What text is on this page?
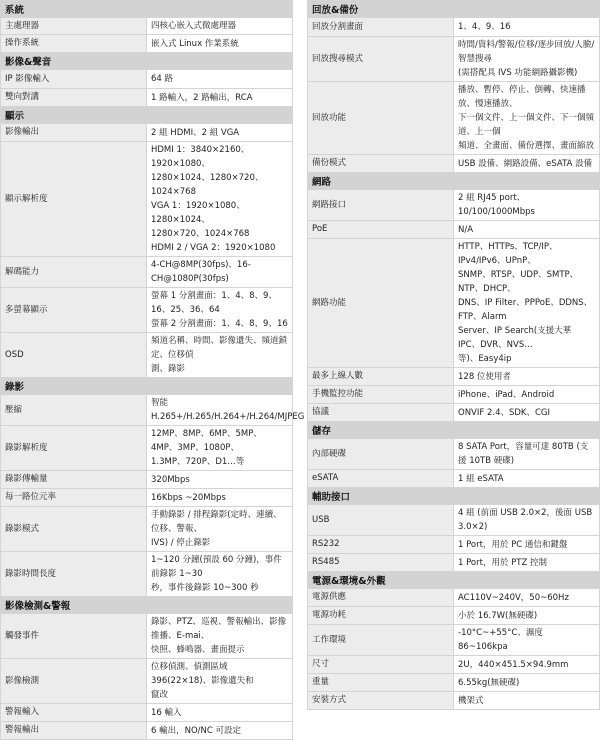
系統	
主處理器	四核心嵌入式微處理器

操作系統	嵌入式 Linux 作業系統

影像&聲音	
IP 影像輸入	64 路

雙向對講	1 路輸入，2 路輸出，RCA

顯示	
影像輸出	2 組 HDMI、2 組 VGA

顯示解析度	HDMI 1：3840×2160、1920×1080、
1280×1024、1280×720、1024×768
VGA 1：1920×1080、1280×1024、
1280×720、1024×768
HDMI 2 / VGA 2：1920×1080

解碼能力	4-CH@8MP(30fps)、16-CH@1080P(30fps)

多螢幕顯示	螢幕 1 分割畫面：1、4、8、9、16、25、36、64
螢幕 2 分割畫面：1、4、8、9、16

OSD	頻道名稱、時間、影像遺失、頻道鎖定、位移偵
測、錄影

錄影	
壓縮	智能 H.265+/H.265/H.264+/H.264/MJPEG

錄影解析度	12MP、8MP、6MP、5MP、4MP、3MP、1080P、
1.3MP、720P、D1…等

錄影傳輸量	320Mbps

每一路位元率	16Kbps ~20Mbps

錄影模式	手動錄影 / 排程錄影(定時、連續、位移、警報、
IVS) / 停止錄影

錄影時間長度	1~120 分鐘(預設 60 分鐘)，事件前錄影 1~30
秒，事件後錄影 10~300 秒

影像檢測&警報	
觸發事件	錄影、PTZ、巡視、警報輸出、影像推播、E-mai、
快照、蜂鳴器、畫面提示

影像檢測	位移偵測、偵測區域 396(22×18)、影像遺失和
竄改

警報輸入	16 輸入

警報輸出	6 輸出，NO/NC 可設定
回放&備份	
回放分割畫面	1、4、9、16

回放搜尋模式	時間/資料/警報/位移/逐步回放/人臉/智慧搜尋
(需搭配具 IVS 功能網路攝影機)

回放功能	播放、暫停、停止、倒轉、快速播放、慢速播放、
下一個文件、上一個文件、下一個頻道、上一個
頻道、全畫面、備份選擇、畫面縮放

備份模式	USB 設備、網路設備、eSATA 設備

網路	
網路接口	2 組 RJ45 port、10/100/1000Mbps

PoE	N/A

網路功能	HTTP、HTTPs、TCP/IP、IPv4/IPv6、UPnP、
SNMP、RTSP、UDP、SMTP、NTP、DHCP、
DNS、IP Filter、PPPoE、DDNS、FTP、Alarm
Server、IP Search(支援大華 IPC、DVR、NVS…
等)、Easy4ip

最多上線人數	128 位使用者

手機監控功能	iPhone、iPad、Android

協議	ONVIF 2.4、SDK、CGI

儲存	
內部硬碟	8 SATA Port，容量可達 80TB (支援 10TB 硬碟)

eSATA	1 組 eSATA

輔助接口	
USB	4 組 (前面 USB 2.0×2，後面 USB 3.0×2)

RS232	1 Port，用於 PC 通信和鍵盤

RS485	1 Port，用於 PTZ 控制

電源&環境&外觀	
電源供應	AC110V~240V，50~60Hz

電源功耗	小於 16.7W(無硬碟)

工作環境	-10°C~+55°C、濕度 86~106kpa

尺寸	2U，440×451.5×94.9mm

重量	6.55kg(無硬碟)

安裝方式	機架式
